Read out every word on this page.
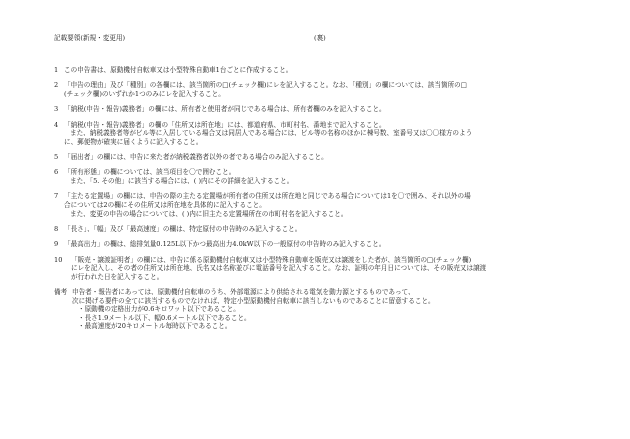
記載要領(新規・変更用)	(裏)
1 この申告書は、原動機付自転車又は小型特殊自動車1台ごとに作成すること。
2 「申告の理由」及び「種別」の各欄には、該当箇所の□(チェック欄)にレを記入すること。なお、「種別」の欄については、該当箇所の□
(チェック欄)のいずれか1つのみにレを記入すること。
3 「納税(申告・報告)義務者」の欄には、所有者と使用者が同じである場合は、所有者欄のみを記入すること。
4 「納税(申告・報告)義務者」の欄の「住所又は所在地」には、都道府県、市町村名、番地まで記入すること。
また、納税義務者等がビル等に入居している場合又は同居人である場合には、ビル等の名称のほかに棟号数、室番号又は〇〇様方のよう
に、郵便物が確実に届くように記入すること。
5 「届出者」の欄には、申告に来た者が納税義務者以外の者である場合のみ記入すること。
6 「所有形態」の欄については、該当項目を〇で囲むこと。
また、「5. その他」に該当する場合には、( )内にその詳細を記入すること。
7 「主たる定置場」の欄には、申告の際の主たる定置場が所有者の住所又は所在地と同じである場合については1を〇で囲み、それ以外の場
合については2の欄にその住所又は所在地を具体的に記入すること。
また、変更の申告の場合については、( )内に旧主たる定置場所在の市町村名を記入すること。
8 「長さ」、「幅」及び「最高速度」の欄は、特定原付の申告時のみ記入すること。
9 「最高出力」の欄は、総排気量0.125L以下かつ最高出力4.0kW以下の一般原付の申告時のみ記入すること。
10 「販売・譲渡証明者」の欄には、申告に係る原動機付自転車又は小型特殊自動車を販売又は譲渡をした者が、該当箇所の□(チェック欄)
にレを記入し、その者の住所又は所在地、氏名又は名称並びに電話番号を記入すること。なお、証明の年月日については、その販売又は譲渡
が行われた日を記入すること。
備考 申告者・報告者にあっては、原動機付自転車のうち、外部電源により供給される電気を動力源とするものであって、
次に掲げる要件の全てに該当するものでなければ、特定小型原動機付自転車に該当しないものであることに留意すること。
・原動機の定格出力が0.6キロワット以下であること。
・長さ1.9メートル以下、幅0.6メートル以下であること。
・最高速度が20キロメートル毎時以下であること。
